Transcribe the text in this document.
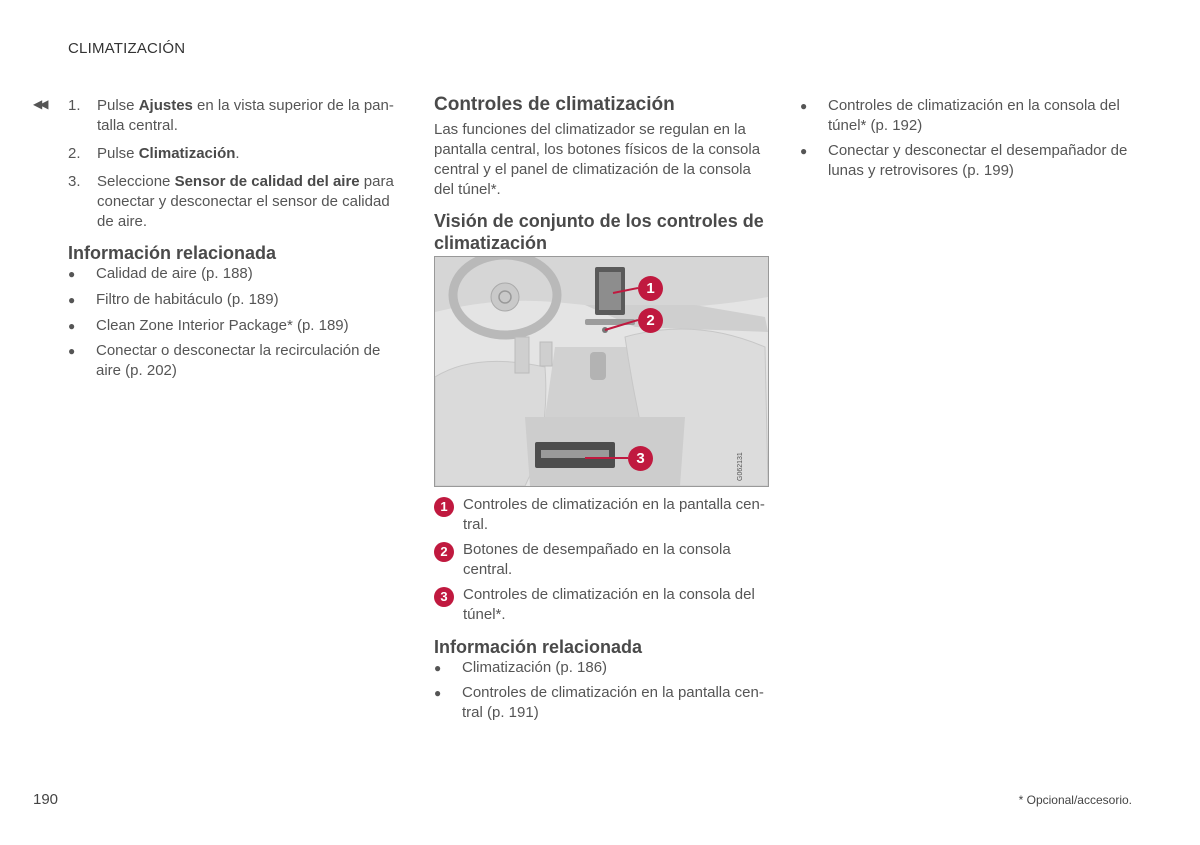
CLIMATIZACIÓN
◀◀ 1. Pulse Ajustes en la vista superior de la pantalla central.
2. Pulse Climatización.
3. Seleccione Sensor de calidad del aire para conectar y desconectar el sensor de calidad de aire.
Información relacionada
● Calidad de aire (p. 188)
● Filtro de habitáculo (p. 189)
● Clean Zone Interior Package* (p. 189)
● Conectar o desconectar la recirculación de aire (p. 202)
Controles de climatización
Las funciones del climatizador se regulan en la pantalla central, los botones físicos de la consola central y el panel de climatización de la consola del túnel*.
Visión de conjunto de los controles de climatización
1
2
3	G062131
1	Controles de climatización en la pantalla central.
2	Botones de desempañado en la consola central.
3	Controles de climatización en la consola del túnel*.
Información relacionada
● Climatización (p. 186)
● Controles de climatización en la pantalla central (p. 191)
● Controles de climatización en la consola del túnel* (p. 192)
● Conectar y desconectar el desempañador de lunas y retrovisores (p. 199)
190	* Opcional/accesorio.
